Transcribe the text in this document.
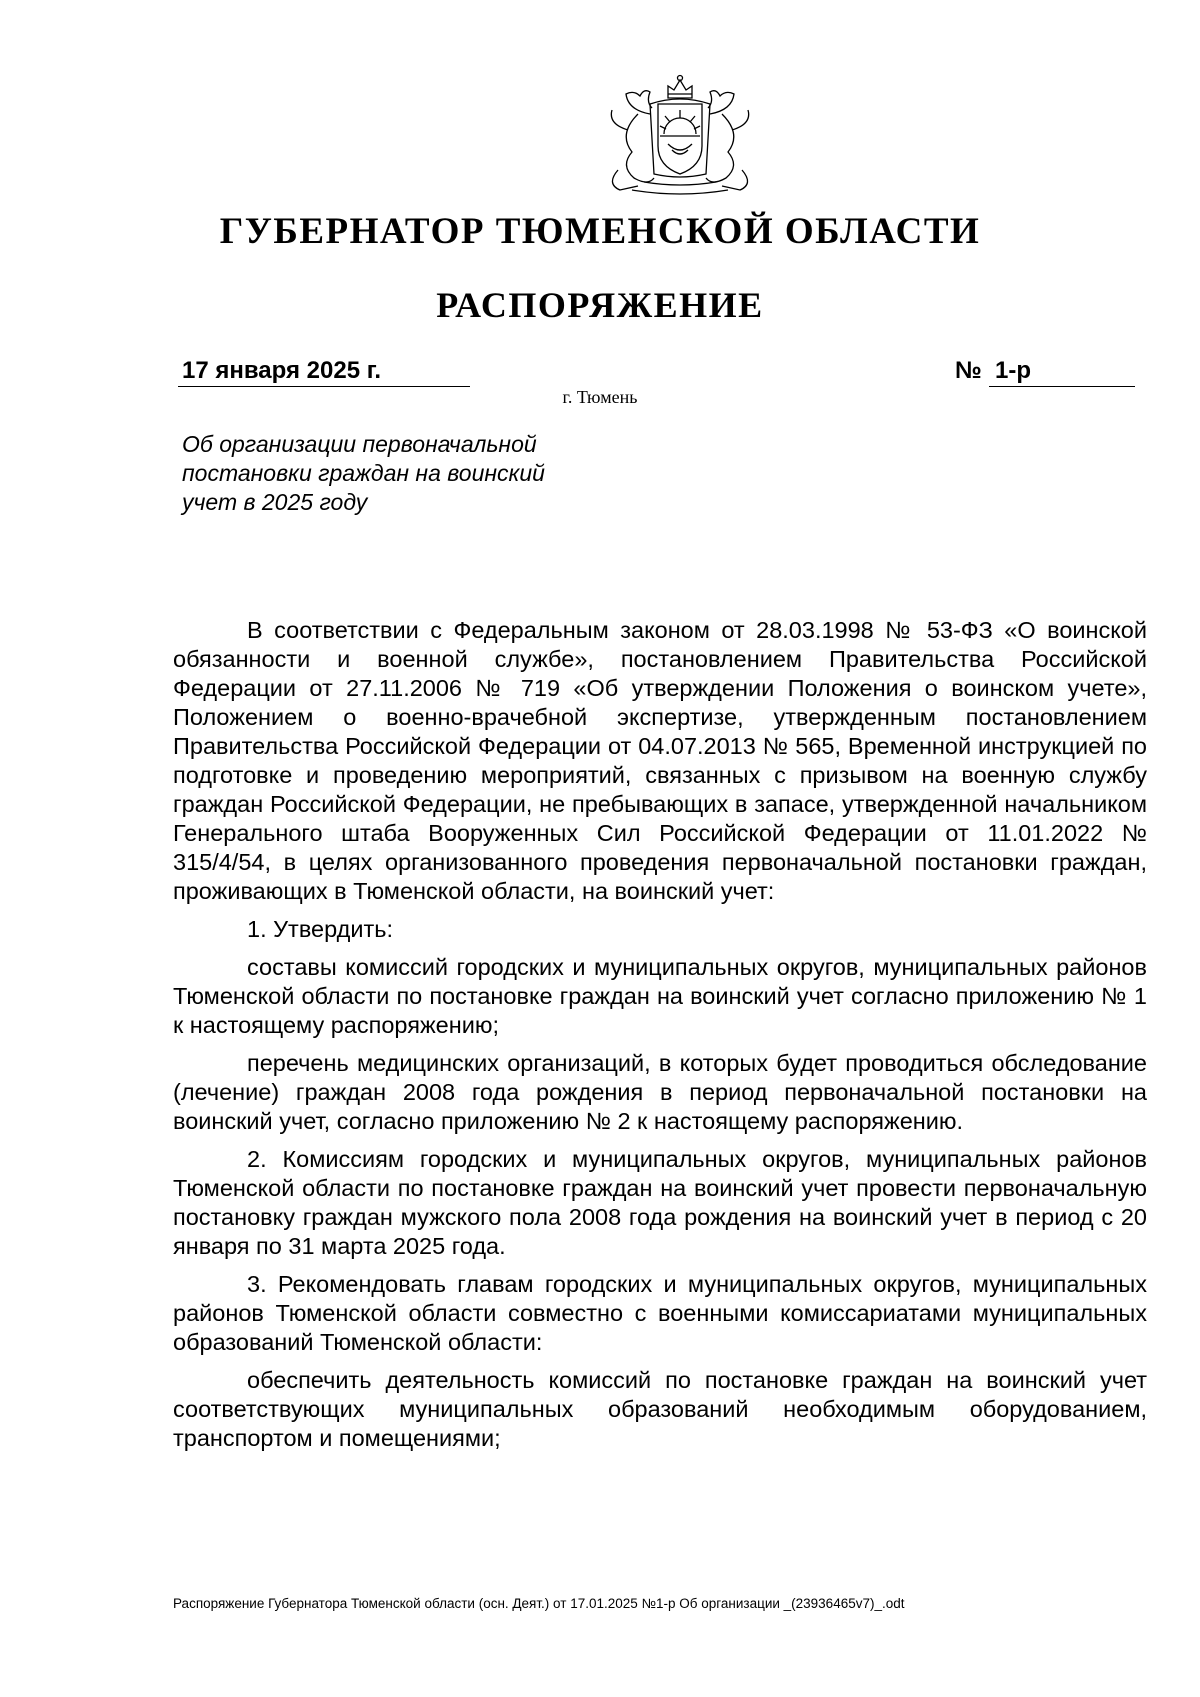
ГУБЕРНАТОР ТЮМЕНСКОЙ ОБЛАСТИ
РАСПОРЯЖЕНИЕ
17 января 2025 г.	№ 1-р
г. Тюмень
Об организации первоначальной
постановки граждан на воинский
учет в 2025 году

В соответствии с Федеральным законом от 28.03.1998 № 53-ФЗ «О воинской обязанности и военной службе», постановлением Правительства Российской Федерации от 27.11.2006 № 719 «Об утверждении Положения о воинском учете», Положением о военно-врачебной экспертизе, утвержденным постановлением Правительства Российской Федерации от 04.07.2013 № 565, Временной инструкцией по подготовке и проведению мероприятий, связанных с призывом на военную службу граждан Российской Федерации, не пребывающих в запасе, утвержденной начальником Генерального штаба Вооруженных Сил Российской Федерации от 11.01.2022 № 315/4/54, в целях организованного проведения первоначальной постановки граждан, проживающих в Тюменской области, на воинский учет:

1. Утвердить:

составы комиссий городских и муниципальных округов, муниципальных районов Тюменской области по постановке граждан на воинский учет согласно приложению № 1 к настоящему распоряжению;

перечень медицинских организаций, в которых будет проводиться обследование (лечение) граждан 2008 года рождения в период первоначальной постановки на воинский учет, согласно приложению № 2 к настоящему распоряжению.

2. Комиссиям городских и муниципальных округов, муниципальных районов Тюменской области по постановке граждан на воинский учет провести первоначальную постановку граждан мужского пола 2008 года рождения на воинский учет в период с 20 января по 31 марта 2025 года.

3. Рекомендовать главам городских и муниципальных округов, муниципальных районов Тюменской области совместно с военными комиссариатами муниципальных образований Тюменской области:

обеспечить деятельность комиссий по постановке граждан на воинский учет соответствующих муниципальных образований необходимым оборудованием, транспортом и помещениями;

Распоряжение Губернатора Тюменской области (осн. Деят.) от 17.01.2025 №1-р Об организации _(23936465v7)_.odt
